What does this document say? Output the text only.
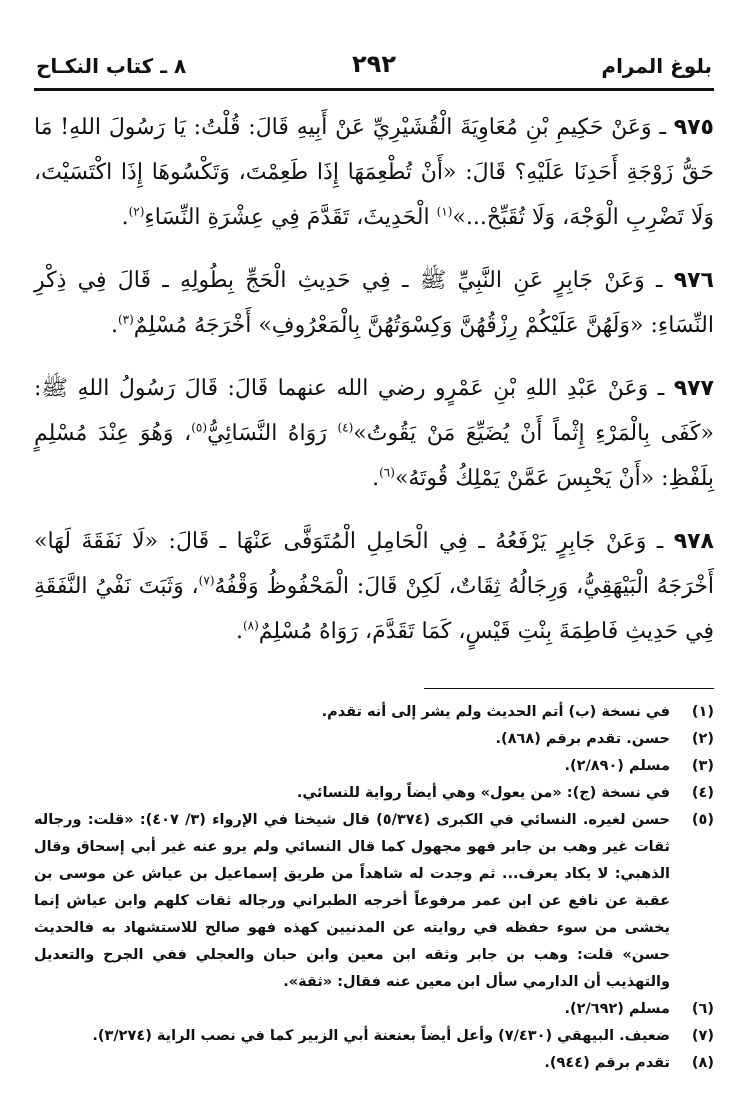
بلوغ المرام
٢٩٢
٨ ـ كتاب النكـاح
٩٧٥ ـ وَعَنْ حَكِيمِ بْنِ مُعَاوِيَةَ الْقُشَيْرِيِّ عَنْ أَبِيهِ قَالَ: قُلْتُ: يَا رَسُولَ اللهِ! مَا حَقُّ زَوْجَةِ أَحَدِنَا عَلَيْهِ؟ قَالَ: «أَنْ تُطْعِمَهَا إِذَا طَعِمْتَ، وَتَكْسُوهَا إِذَا اكْتَسَيْتَ، وَلَا تَضْرِبِ الْوَجْهَ، وَلَا تُقَبِّحْ...»$^{(١)}$ الْحَدِيثَ، تَقَدَّمَ فِي عِشْرَةِ النِّسَاءِ$^{(٢)}$.
٩٧٦ ـ وَعَنْ جَابِرٍ عَنِ النَّبِيِّ ﷺ ـ فِي حَدِيثِ الْحَجِّ بِطُولِهِ ـ قَالَ فِي ذِكْرِ النِّسَاءِ: «وَلَهُنَّ عَلَيْكُمْ رِزْقُهُنَّ وَكِسْوَتُهُنَّ بِالْمَعْرُوفِ» أَخْرَجَهُ مُسْلِمٌ$^{(٣)}$.
٩٧٧ ـ وَعَنْ عَبْدِ اللهِ بْنِ عَمْرٍو رضي الله عنهما قَالَ: قَالَ رَسُولُ اللهِ ﷺ: «كَفَى بِالْمَرْءِ إِثْماً أَنْ يُضَيِّعَ مَنْ يَقُوتُ»$^{(٤)}$ رَوَاهُ النَّسَائِيُّ$^{(٥)}$، وَهُوَ عِنْدَ مُسْلِمٍ بِلَفْظِ: «أَنْ يَحْبِسَ عَمَّنْ يَمْلِكُ قُوتَهُ»$^{(٦)}$.
٩٧٨ ـ وَعَنْ جَابِرٍ يَرْفَعُهُ ـ فِي الْحَامِلِ الْمُتَوَفَّى عَنْهَا ـ قَالَ: «لَا نَفَقَةَ لَهَا» أَخْرَجَهُ الْبَيْهَقِيُّ، وَرِجَالُهُ ثِقَاتٌ، لَكِنْ قَالَ: الْمَحْفُوظُ وَقْفُهُ$^{(٧)}$، وَثَبَتَ نَفْيُ النَّفَقَةِ فِي حَدِيثِ فَاطِمَةَ بِنْتِ قَيْسٍ، كَمَا تَقَدَّمَ، رَوَاهُ مُسْلِمٌ$^{(٨)}$.
(١)
في نسخة (ب) أتم الحديث ولم يشر إلى أنه تقدم.
(٢)
حسن. تقدم برقم (٨٦٨).
(٣)
مسلم (٢/٨٩٠).
(٤)
في نسخة (ج): «من يعول» وهي أيضاً رواية للنسائي.
(٥)
حسن لغيره. النسائي في الكبرى (٥/٣٧٤) قال شيخنا في الإرواء (٣/ ٤٠٧): «قلت: ورجاله ثقات غير وهب بن جابر فهو مجهول كما قال النسائي ولم يرو عنه غير أبي إسحاق وقال الذهبي: لا يكاد يعرف... ثم وجدت له شاهداً من طريق إسماعيل بن عياش عن موسى بن عقبة عن نافع عن ابن عمر مرفوعاً أخرجه الطبراني ورجاله ثقات كلهم وابن عياش إنما يخشى من سوء حفظه في روايته عن المدنيين كهذه فهو صالح للاستشهاد به فالحديث حسن» قلت: وهب بن جابر وثقه ابن معين وابن حبان والعجلي ففي الجرح والتعديل والتهذيب أن الدارمي سأل ابن معين عنه فقال: «ثقة».
(٦)
مسلم (٢/٦٩٢).
(٧)
ضعيف. البيهقي (٧/٤٣٠) وأعل أيضاً بعنعنة أبي الزبير كما في نصب الراية (٣/٢٧٤).
(٨)
تقدم برقم (٩٤٤).
